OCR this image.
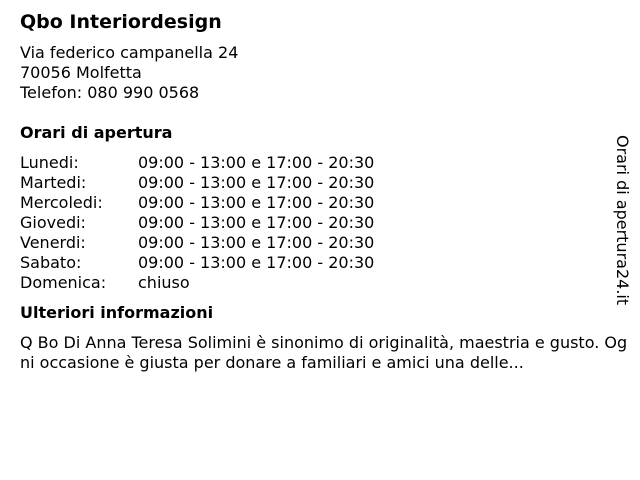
Qbo Interiordesign
Via federico campanella 24
70056 Molfetta
Telefon: 080 990 0568
Orari di apertura
Lunedi:	09:00 - 13:00 e 17:00 - 20:30
Martedi:	09:00 - 13:00 e 17:00 - 20:30
Mercoledi:	09:00 - 13:00 e 17:00 - 20:30
Giovedi:	09:00 - 13:00 e 17:00 - 20:30
Venerdi:	09:00 - 13:00 e 17:00 - 20:30
Sabato:	09:00 - 13:00 e 17:00 - 20:30
Domenica:	chiuso
Ulteriori informazioni
Q Bo Di Anna Teresa Solimini è sinonimo di originalità, maestria e gusto. Ogni occasione è giusta per donare a familiari e amici una delle...
Orari di apertura24.it
